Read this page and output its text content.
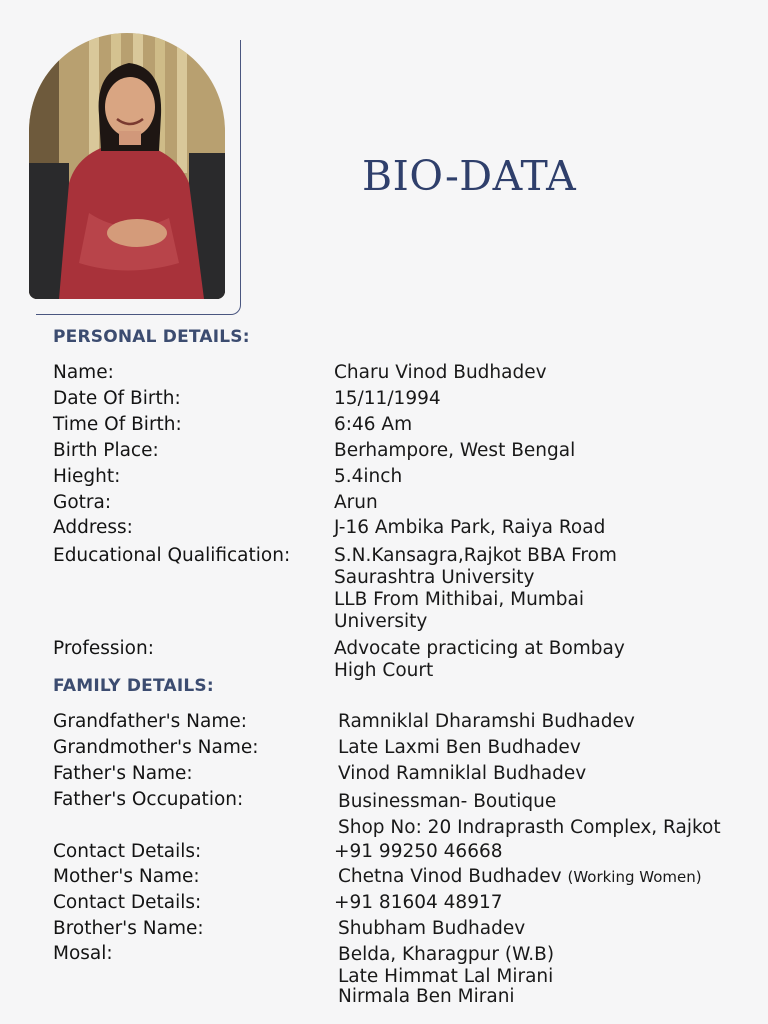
BIO-DATA
PERSONAL DETAILS:
Name:	Charu Vinod Budhadev
Date Of Birth:	15/11/1994
Time Of Birth:	6:46 Am
Birth Place:	Berhampore, West Bengal
Hieght:	5.4inch
Gotra:	Arun
Address:	J-16 Ambika Park, Raiya Road
Educational Qualification: S.N.Kansagra,Rajkot BBA From
Saurashtra University
LLB From Mithibai, Mumbai
University
Profession:	Advocate practicing at Bombay
High Court
FAMILY DETAILS:
Grandfather's Name:	Ramniklal Dharamshi Budhadev
Grandmother's Name:	Late Laxmi Ben Budhadev
Father's Name:	Vinod Ramniklal Budhadev
Father's Occupation:	Businessman- Boutique
Shop No: 20 Indraprasth Complex, Rajkot
Contact Details:	+91 99250 46668
Mother's Name:	Chetna Vinod Budhadev (Working Women)
Contact Details:	+91 81604 48917
Brother's Name:	Shubham Budhadev
Mosal:	Belda, Kharagpur (W.B)
Late Himmat Lal Mirani
Nirmala Ben Mirani
